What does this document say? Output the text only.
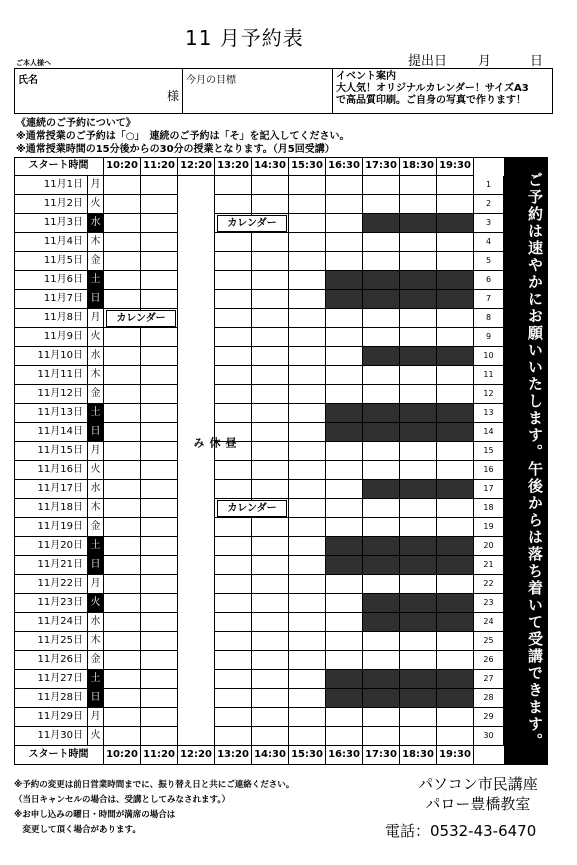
11 月予約表
提出日 月	日
ご本人様へ
氏名
様
今月の目標	イベント案内
大人気！オリジナルカレンダー！サイズA3
で高品質印刷。ご自身の写真で作ります！
《連続のご予約について》
※通常授業のご予約は「○」　連続のご予約は「そ」を記入してください。
※通常授業時間の15分後からの30分の授業となります。（月5回受講）
スタート時間	10:20 11:20 12:20 13:20 14:30 15:30 16:30 17:30 18:30 19:30
11月1日 月	1
11月2日 火	2
11月3日 水	3
11月4日 木	4
11月5日 金	5
11月6日 土	6
11月7日 日	7
11月8日 月	8
11月9日 火	9
11月10日 水	10
11月11日 木	11
11月12日 金	12
11月13日 土	13
11月14日 日	14
11月15日 月	15
11月16日 火	16
11月17日 水	17
11月18日 木	18
11月19日 金	19
11月20日 土	20
11月21日 日	21
11月22日 月	22
11月23日 火	23
11月24日 水	24
11月25日 木	25
11月26日 金	26
11月27日 土	27
11月28日 日	28
11月29日 月	29
11月30日 火	30
スタート時間	10:20 11:20 12:20 13:20 14:30 15:30 16:30 17:30 18:30 19:30
昼休み
カレンダー
カレンダー
カレンダー	ご予約は速やかにお願いいたします。午後からは落ち着いて受講できます。
※予約の変更は前日営業時間までに、振り替え日と共にご連絡ください。
（当日キャンセルの場合は、受講としてみなされます。）
※お申し込みの曜日・時間が満席の場合は
　変更して頂く場合があります。
パソコン市民講座
パロー豊橋教室
電話：0532-43-6470
